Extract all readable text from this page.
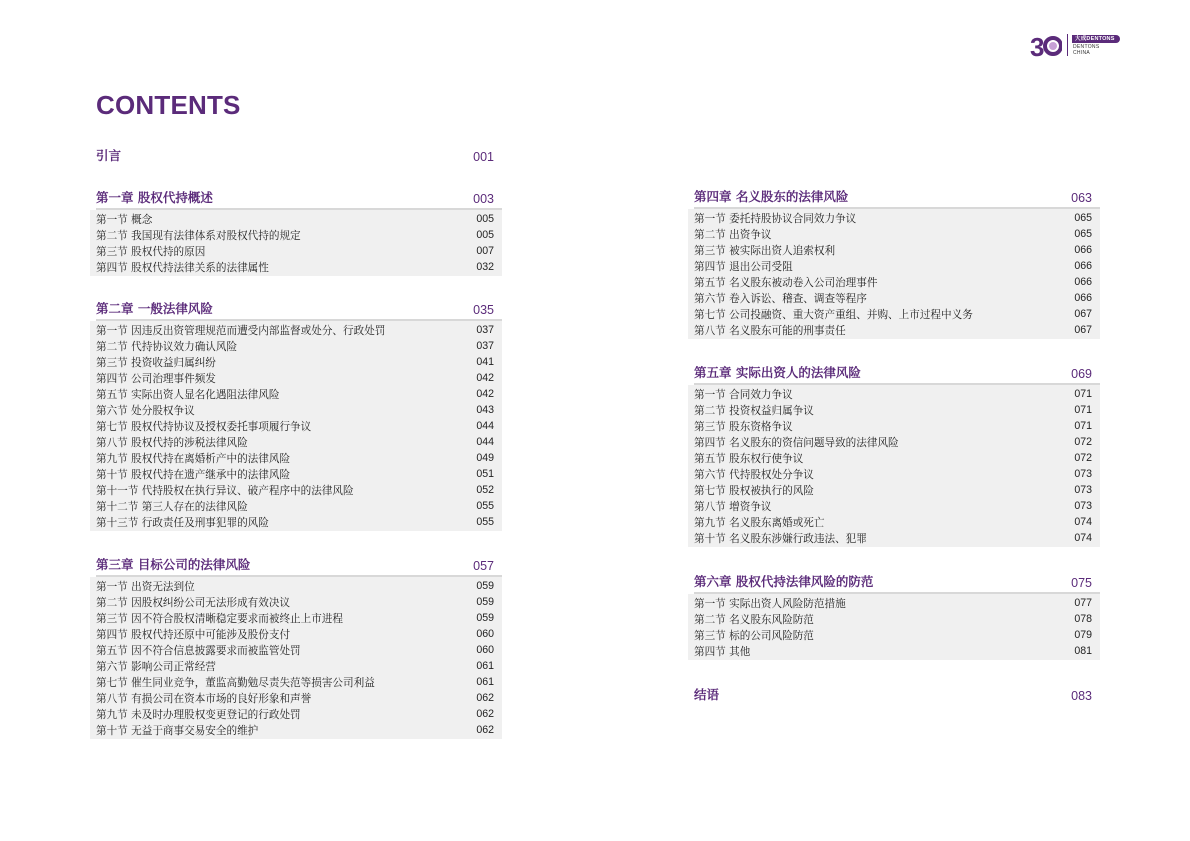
3	大成DENTONS
DENTONS
CHINA
CONTENTS
引言	001
第一章 股权代持概述	003
第一节 概念	005
第二节 我国现有法律体系对股权代持的规定	005
第三节 股权代持的原因	007
第四节 股权代持法律关系的法律属性	032
第二章 一般法律风险	035
第一节 因违反出资管理规范而遭受内部监督或处分、行政处罚	037
第二节 代持协议效力确认风险	037
第三节 投资收益归属纠纷	041
第四节 公司治理事件频发	042
第五节 实际出资人显名化遇阻法律风险	042
第六节 处分股权争议	043
第七节 股权代持协议及授权委托事项履行争议	044
第八节 股权代持的涉税法律风险	044
第九节 股权代持在离婚析产中的法律风险	049
第十节 股权代持在遗产继承中的法律风险	051
第十一节 代持股权在执行异议、破产程序中的法律风险	052
第十二节 第三人存在的法律风险	055
第十三节 行政责任及刑事犯罪的风险	055
第三章 目标公司的法律风险	057
第一节 出资无法到位	059
第二节 因股权纠纷公司无法形成有效决议	059
第三节 因不符合股权清晰稳定要求而被终止上市进程	059
第四节 股权代持还原中可能涉及股份支付	060
第五节 因不符合信息披露要求而被监管处罚	060
第六节 影响公司正常经营	061
第七节 催生同业竞争，董监高勤勉尽责失范等损害公司利益	061
第八节 有损公司在资本市场的良好形象和声誉	062
第九节 未及时办理股权变更登记的行政处罚	062
第十节 无益于商事交易安全的维护	062
第四章 名义股东的法律风险	063
第一节 委托持股协议合同效力争议	065
第二节 出资争议	065
第三节 被实际出资人追索权利	066
第四节 退出公司受阻	066
第五节 名义股东被动卷入公司治理事件	066
第六节 卷入诉讼、稽查、调查等程序	066
第七节 公司投融资、重大资产重组、并购、上市过程中义务	067
第八节 名义股东可能的刑事责任	067
第五章 实际出资人的法律风险	069
第一节 合同效力争议	071
第二节 投资权益归属争议	071
第三节 股东资格争议	071
第四节 名义股东的资信问题导致的法律风险	072
第五节 股东权行使争议	072
第六节 代持股权处分争议	073
第七节 股权被执行的风险	073
第八节 增资争议	073
第九节 名义股东离婚或死亡	074
第十节 名义股东涉嫌行政违法、犯罪	074
第六章 股权代持法律风险的防范	075
第一节 实际出资人风险防范措施	077
第二节 名义股东风险防范	078
第三节 标的公司风险防范	079
第四节 其他	081
结语	083
